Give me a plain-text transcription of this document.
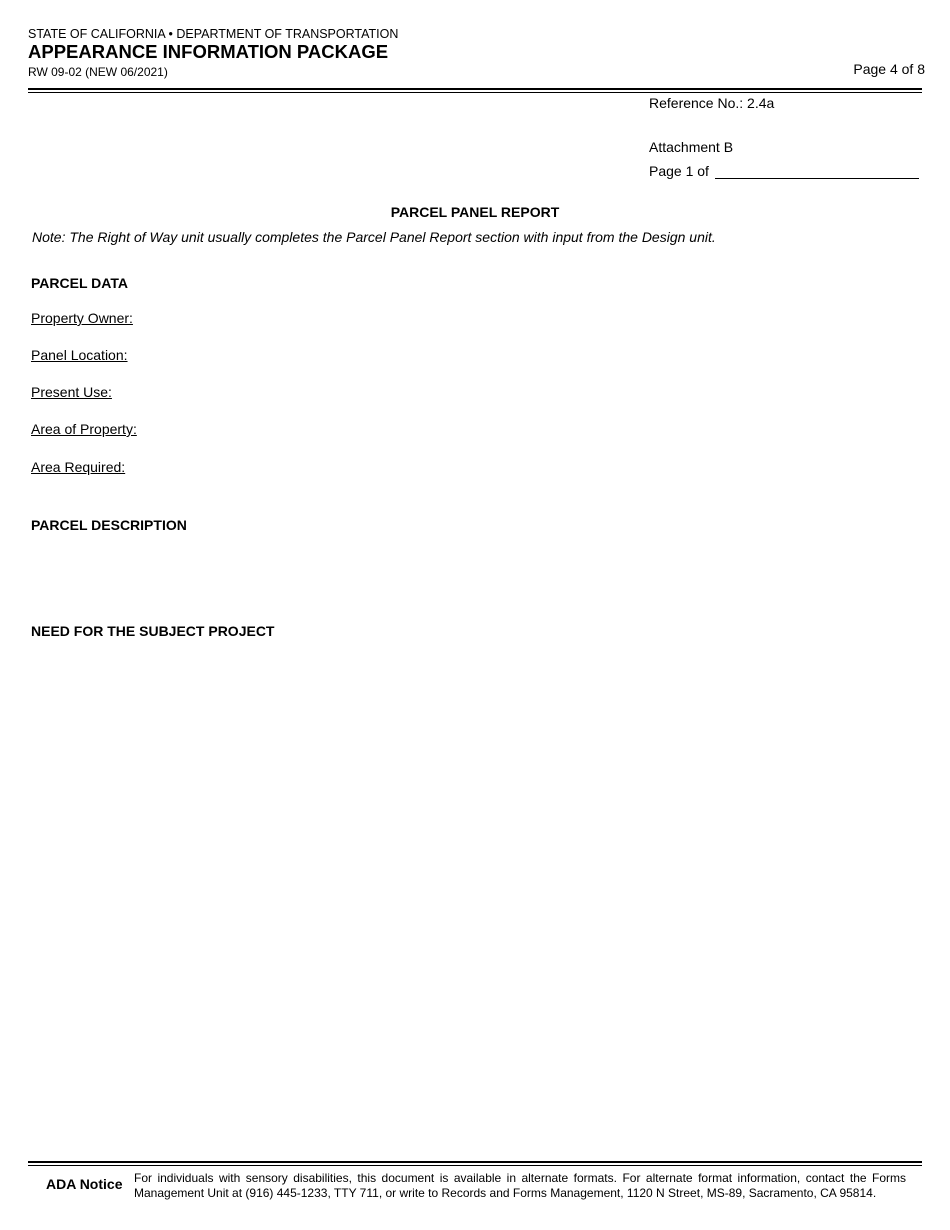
STATE OF CALIFORNIA • DEPARTMENT OF TRANSPORTATION
APPEARANCE INFORMATION PACKAGE
RW 09-02 (NEW 06/2021)	Page 4 of 8
Reference No.: 2.4a
Attachment B
Page 1 of
PARCEL PANEL REPORT
Note: The Right of Way unit usually completes the Parcel Panel Report section with input from the Design unit.
PARCEL DATA
Property Owner:
Panel Location:
Present Use:
Area of Property:
Area Required:
PARCEL DESCRIPTION
NEED FOR THE SUBJECT PROJECT
ADA Notice For individuals with sensory disabilities, this document is available in alternate formats. For alternate format information, contact the Forms Management Unit at (916) 445-1233, TTY 711, or write to Records and Forms Management, 1120 N Street, MS-89, Sacramento, CA 95814.
